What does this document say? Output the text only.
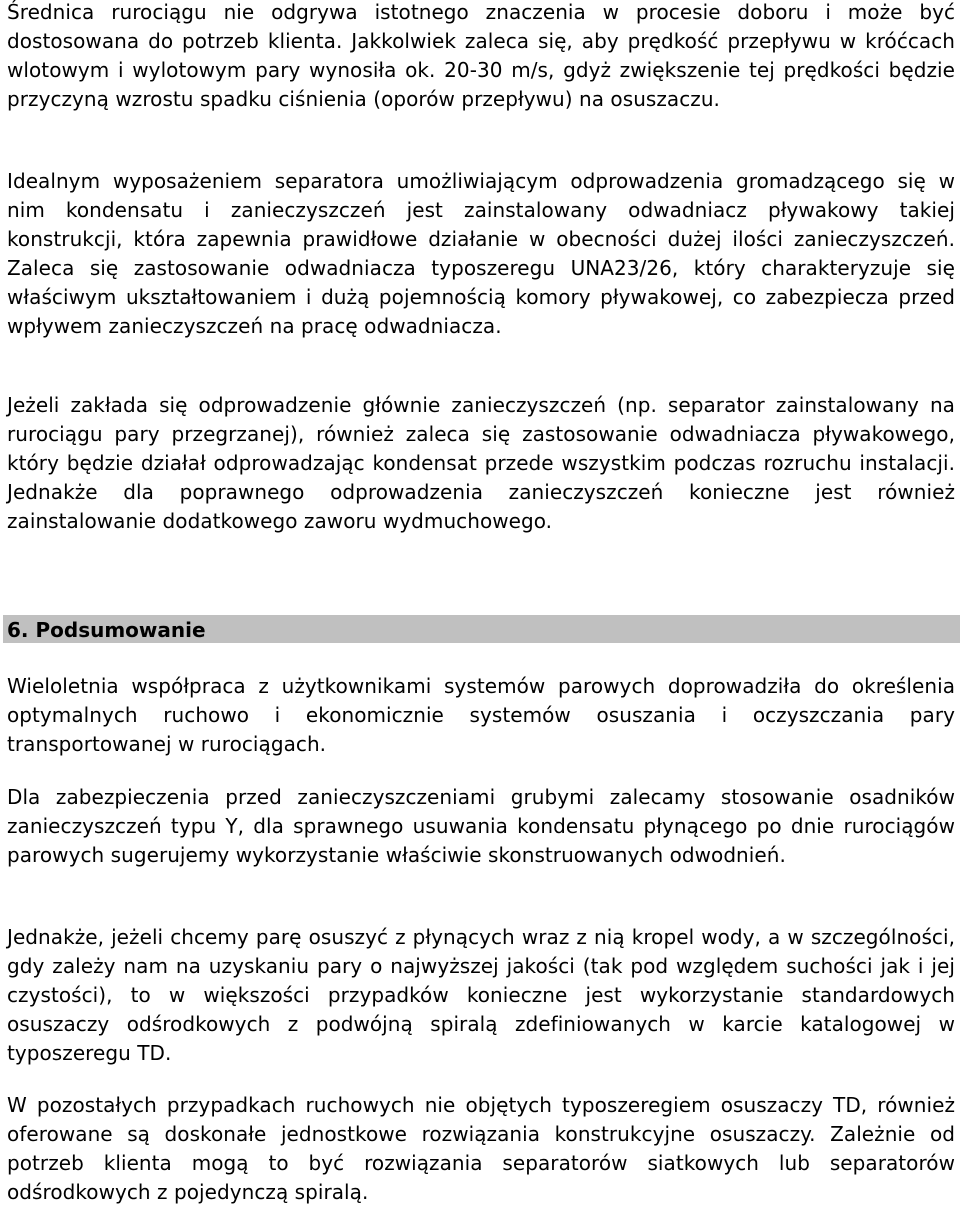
Średnica rurociągu nie odgrywa istotnego znaczenia w procesie doboru i może być dostosowana do potrzeb klienta. Jakkolwiek zaleca się, aby prędkość przepływu w króćcach wlotowym i wylotowym pary wynosiła ok. 20-30 m/s, gdyż zwiększenie tej prędkości będzie przyczyną wzrostu spadku ciśnienia (oporów przepływu) na osuszaczu.

Idealnym wyposażeniem separatora umożliwiającym odprowadzenia gromadzącego się w nim kondensatu i zanieczyszczeń jest zainstalowany odwadniacz pływakowy takiej konstrukcji, która zapewnia prawidłowe działanie w obecności dużej ilości zanieczyszczeń. Zaleca się zastosowanie odwadniacza typoszeregu UNA23/26, który charakteryzuje się właściwym ukształtowaniem i dużą pojemnością komory pływakowej, co zabezpiecza przed wpływem zanieczyszczeń na pracę odwadniacza.

Jeżeli zakłada się odprowadzenie głównie zanieczyszczeń (np. separator zainstalowany na rurociągu pary przegrzanej), również zaleca się zastosowanie odwadniacza pływakowego, który będzie działał odprowadzając kondensat przede wszystkim podczas rozruchu instalacji. Jednakże dla poprawnego odprowadzenia zanieczyszczeń konieczne jest również zainstalowanie dodatkowego zaworu wydmuchowego.

6. Podsumowanie

Wieloletnia współpraca z użytkownikami systemów parowych doprowadziła do określenia optymalnych ruchowo i ekonomicznie systemów osuszania i oczyszczania pary transportowanej w rurociągach.

Dla zabezpieczenia przed zanieczyszczeniami grubymi zalecamy stosowanie osadników zanieczyszczeń typu Y, dla sprawnego usuwania kondensatu płynącego po dnie rurociągów parowych sugerujemy wykorzystanie właściwie skonstruowanych odwodnień.

Jednakże, jeżeli chcemy parę osuszyć z płynących wraz z nią kropel wody, a w szczególności, gdy zależy nam na uzyskaniu pary o najwyższej jakości (tak pod względem suchości jak i jej czystości), to w większości przypadków konieczne jest wykorzystanie standardowych osuszaczy odśrodkowych z podwójną spiralą zdefiniowanych w karcie katalogowej w typoszeregu TD.

W pozostałych przypadkach ruchowych nie objętych typoszeregiem osuszaczy TD, również oferowane są doskonałe jednostkowe rozwiązania konstrukcyjne osuszaczy. Zależnie od potrzeb klienta mogą to być rozwiązania separatorów siatkowych lub separatorów odśrodkowych z pojedynczą spiralą.
